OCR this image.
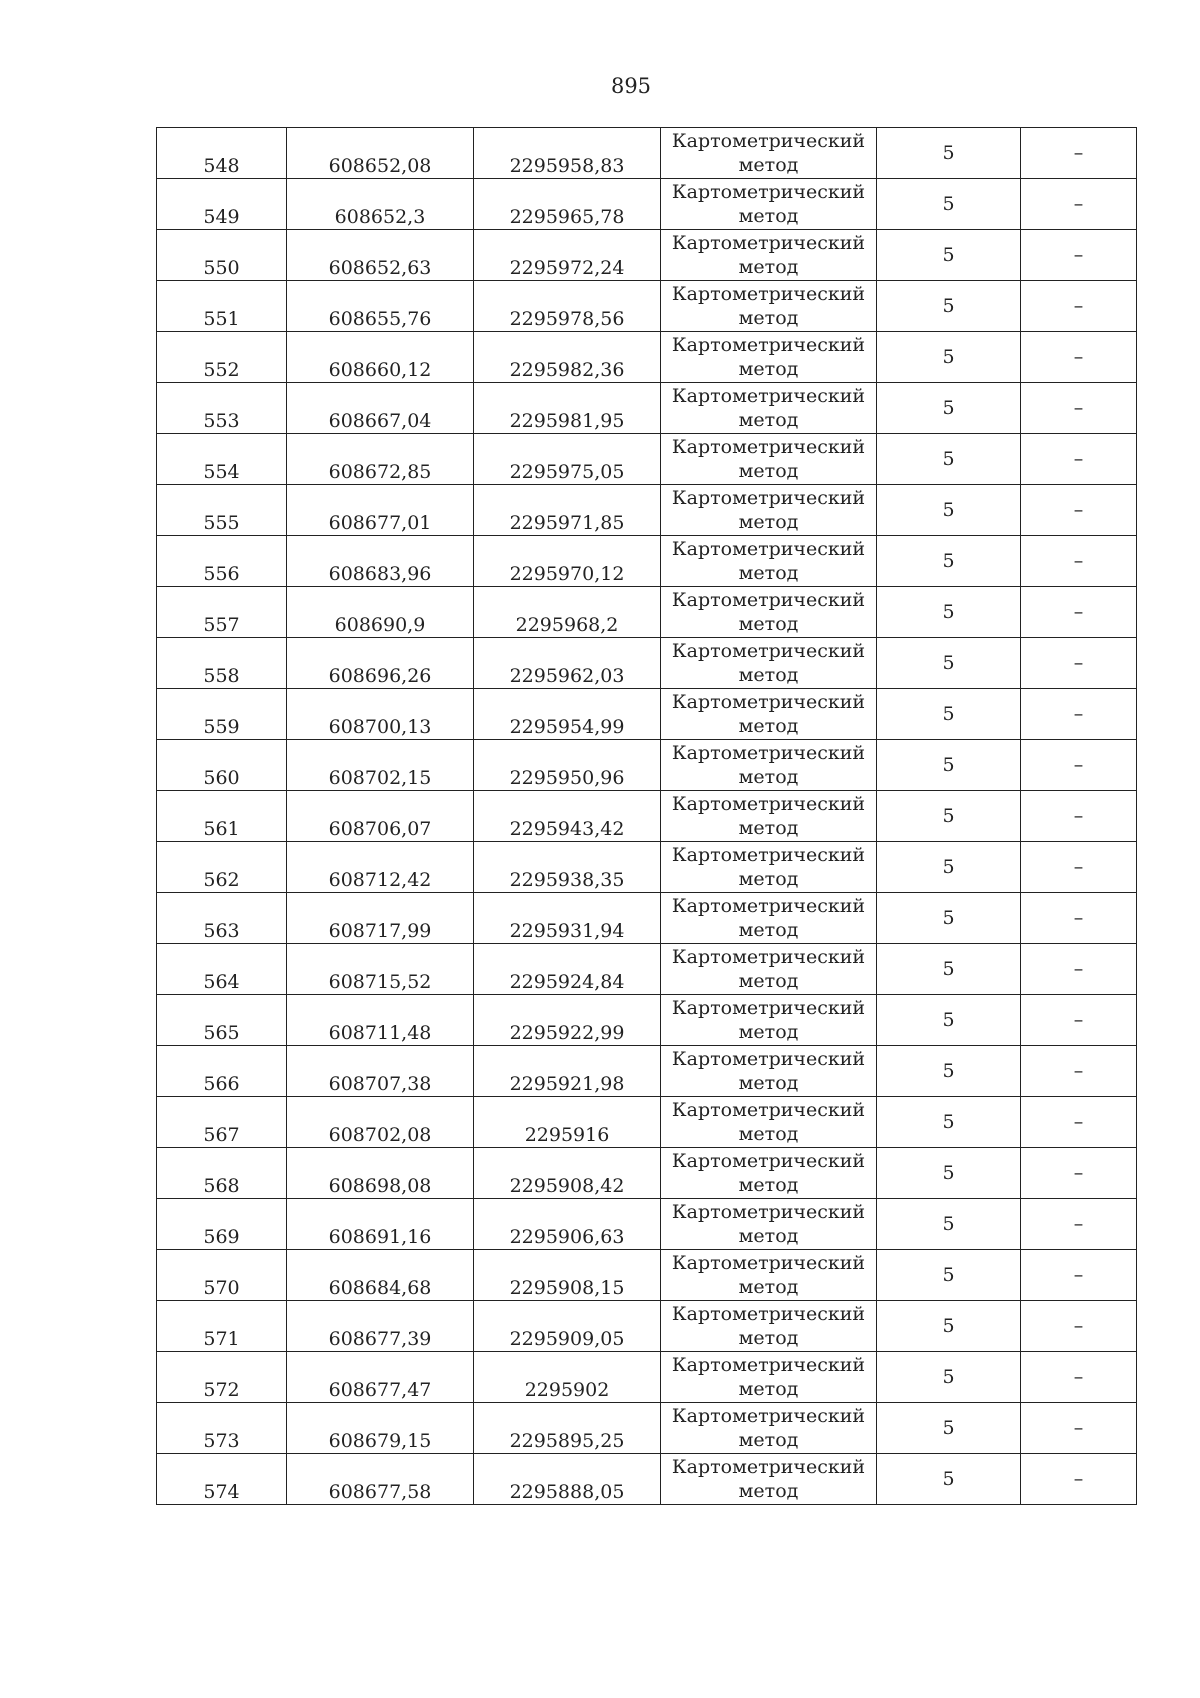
895
548	608652,08	2295958,83	Картометрический
метод	5	–

549	608652,3	2295965,78	Картометрический
метод	5	–

550	608652,63	2295972,24	Картометрический
метод	5	–

551	608655,76	2295978,56	Картометрический
метод	5	–

552	608660,12	2295982,36	Картометрический
метод	5	–

553	608667,04	2295981,95	Картометрический
метод	5	–

554	608672,85	2295975,05	Картометрический
метод	5	–

555	608677,01	2295971,85	Картометрический
метод	5	–

556	608683,96	2295970,12	Картометрический
метод	5	–

557	608690,9	2295968,2	Картометрический
метод	5	–

558	608696,26	2295962,03	Картометрический
метод	5	–

559	608700,13	2295954,99	Картометрический
метод	5	–

560	608702,15	2295950,96	Картометрический
метод	5	–

561	608706,07	2295943,42	Картометрический
метод	5	–

562	608712,42	2295938,35	Картометрический
метод	5	–

563	608717,99	2295931,94	Картометрический
метод	5	–

564	608715,52	2295924,84	Картометрический
метод	5	–

565	608711,48	2295922,99	Картометрический
метод	5	–

566	608707,38	2295921,98	Картометрический
метод	5	–

567	608702,08	2295916	Картометрический
метод	5	–

568	608698,08	2295908,42	Картометрический
метод	5	–

569	608691,16	2295906,63	Картометрический
метод	5	–

570	608684,68	2295908,15	Картометрический
метод	5	–

571	608677,39	2295909,05	Картометрический
метод	5	–

572	608677,47	2295902	Картометрический
метод	5	–

573	608679,15	2295895,25	Картометрический
метод	5	–

574	608677,58	2295888,05	Картометрический
метод	5	–
